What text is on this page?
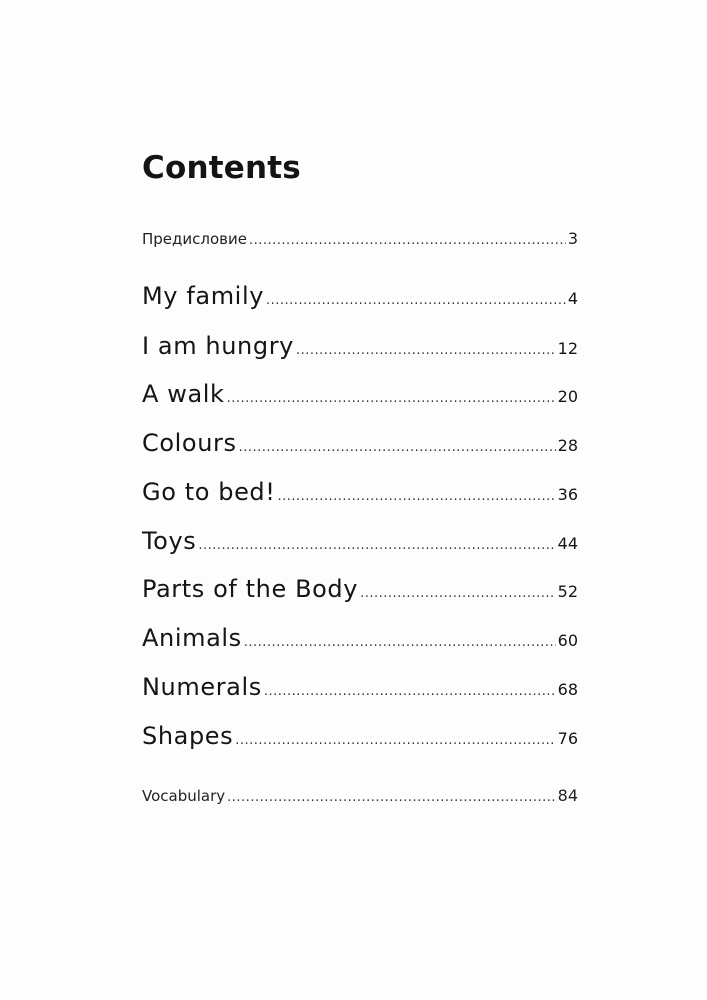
Contents
Предисловие .....	3
My family .....	4
I am hungry .....	12
A walk .....	20
Colours .....	28
Go to bed! .....	36
Toys .....	44
Parts of the Body .....	52
Animals .....	60
Numerals .....	68
Shapes .....	76
Vocabulary .....	84
